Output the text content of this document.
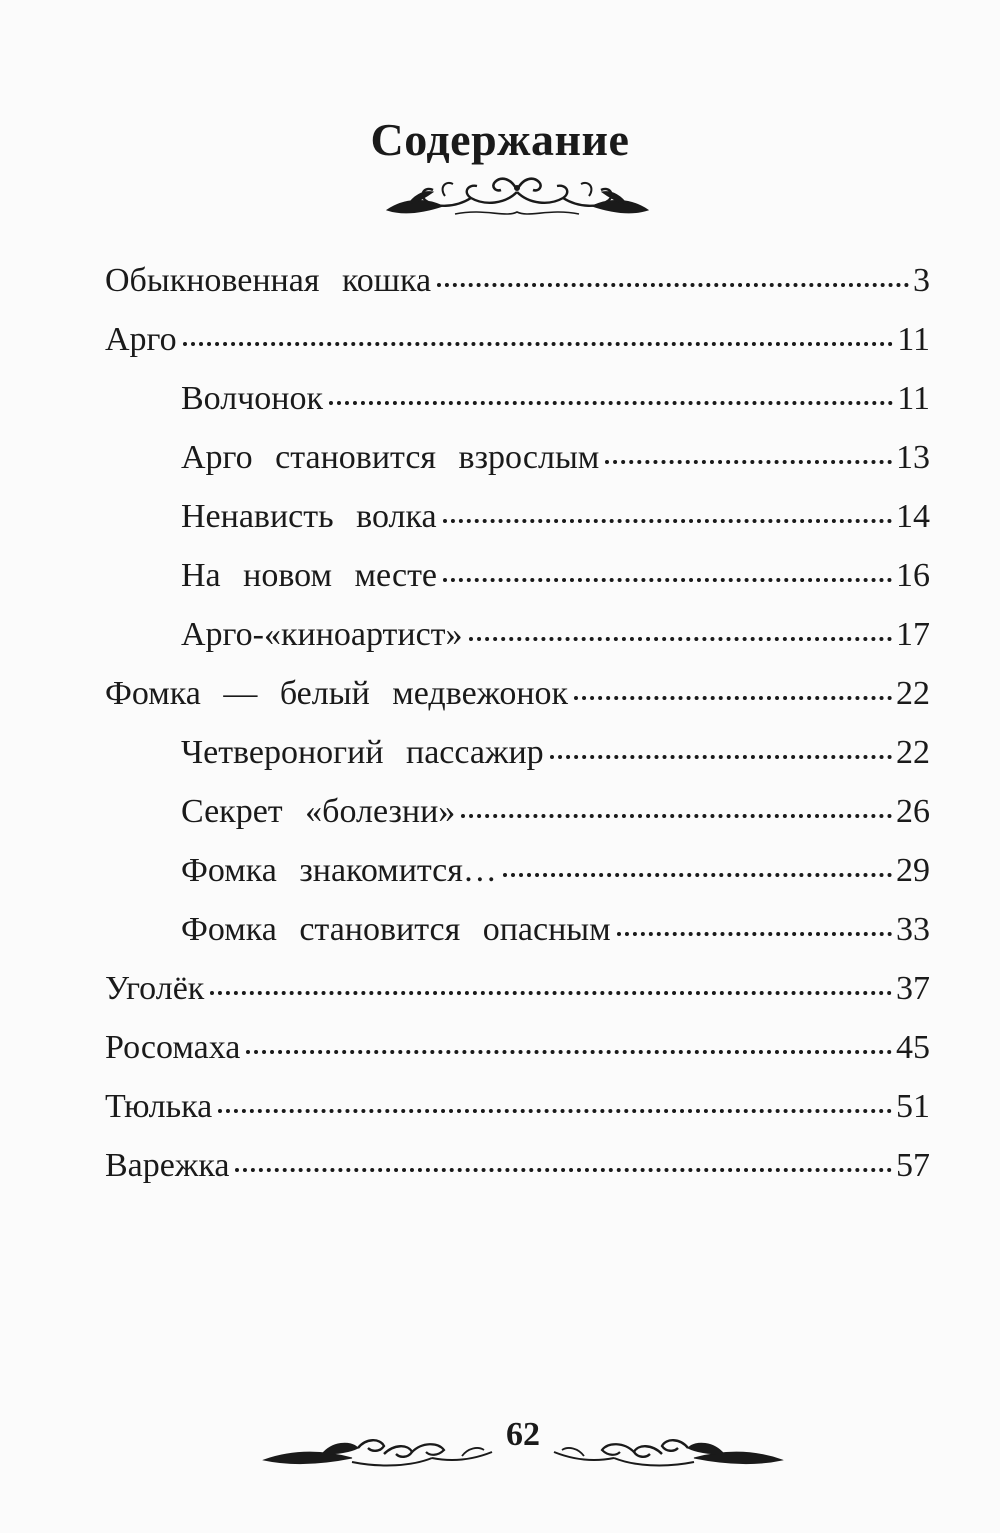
Содержание
Обыкновенная кошка	3
Арго	11
Волчонок	11
Арго становится взрослым	13
Ненависть волка	14
На новом месте	16
Арго-«киноартист»	17
Фомка — белый медвежонок	22
Четвероногий пассажир	22
Секрет «болезни»	26
Фомка знакомится…	29
Фомка становится опасным	33
Уголёк	37
Росомаха	45
Тюлька	51
Варежка	57
62
